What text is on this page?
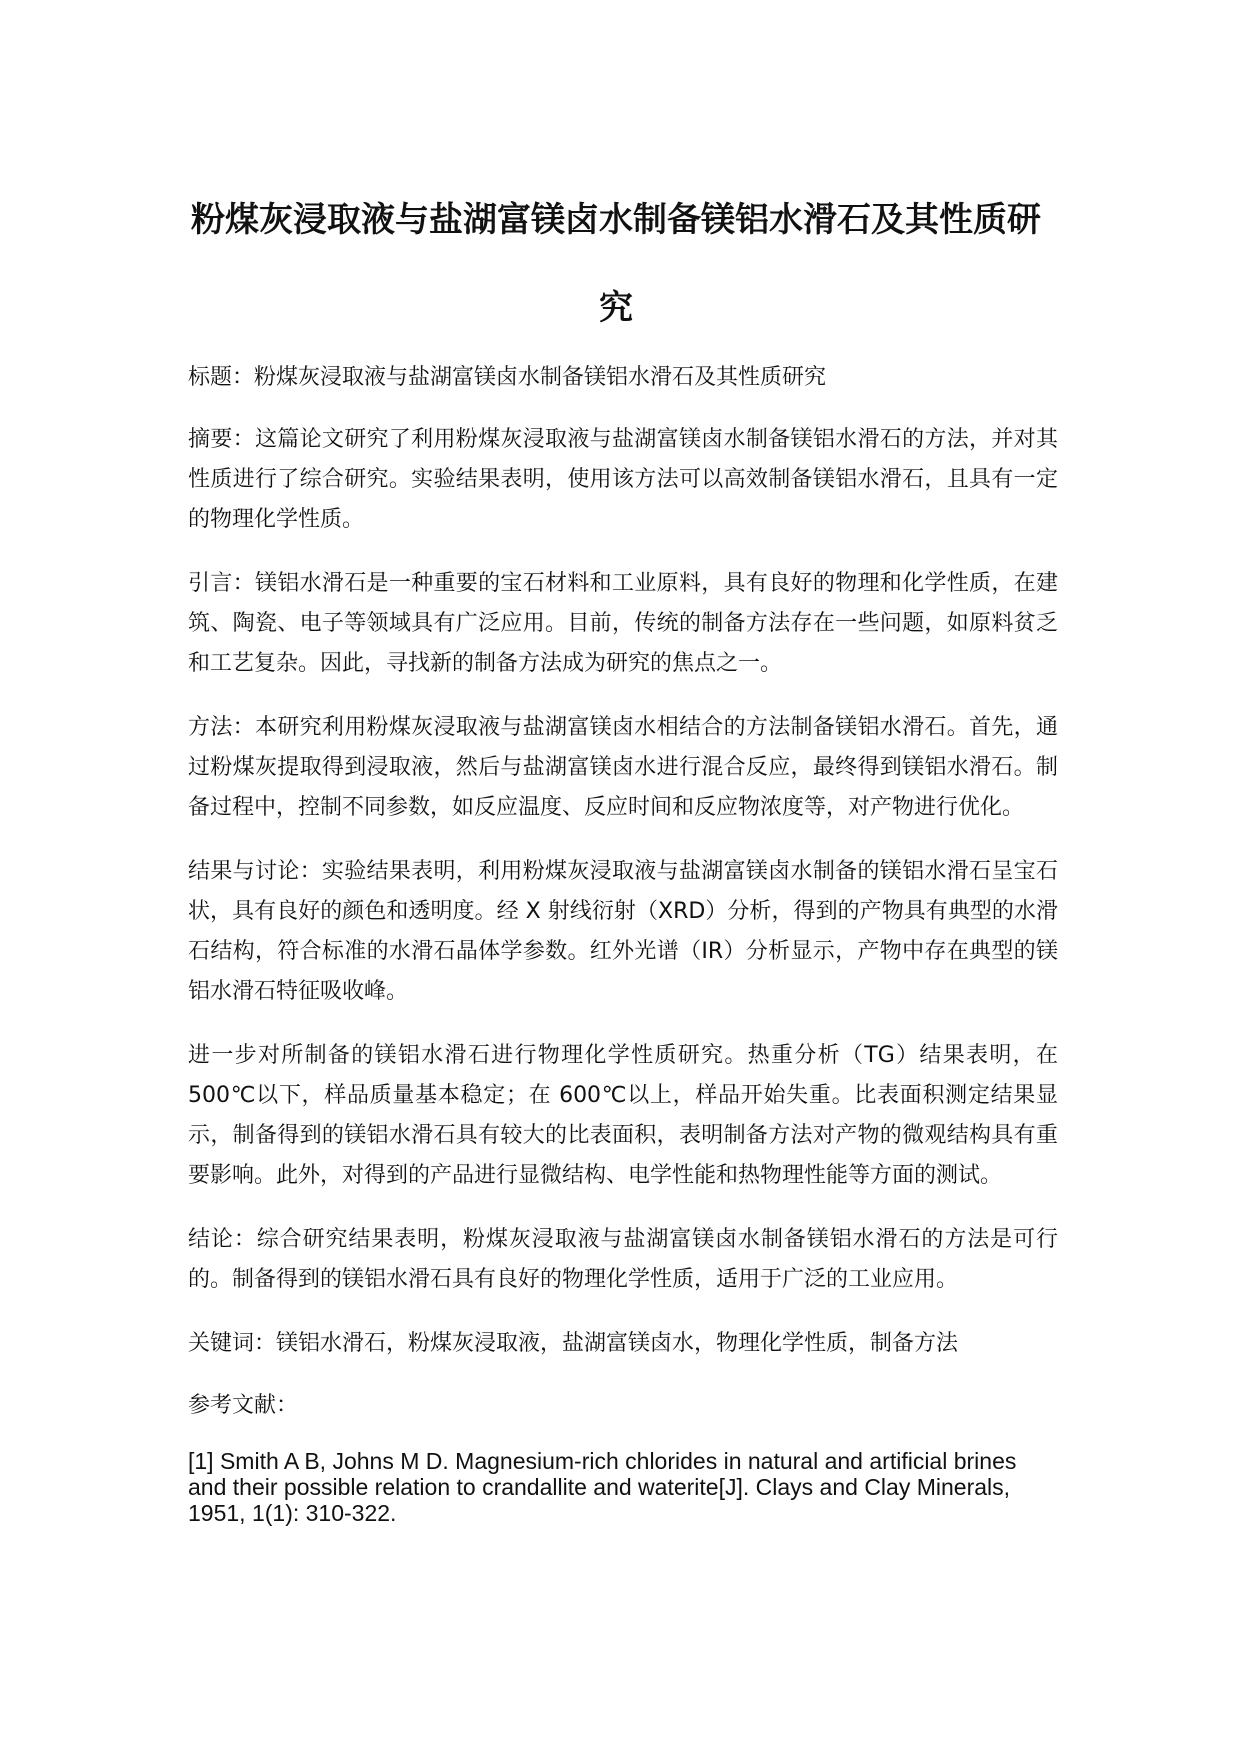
粉煤灰浸取液与盐湖富镁卤水制备镁铝水滑石及其性质研究

标题：粉煤灰浸取液与盐湖富镁卤水制备镁铝水滑石及其性质研究

摘要：这篇论文研究了利用粉煤灰浸取液与盐湖富镁卤水制备镁铝水滑石的方法，并对其性质进行了综合研究。实验结果表明，使用该方法可以高效制备镁铝水滑石，且具有一定的物理化学性质。

引言：镁铝水滑石是一种重要的宝石材料和工业原料，具有良好的物理和化学性质，在建筑、陶瓷、电子等领域具有广泛应用。目前，传统的制备方法存在一些问题，如原料贫乏和工艺复杂。因此，寻找新的制备方法成为研究的焦点之一。

方法：本研究利用粉煤灰浸取液与盐湖富镁卤水相结合的方法制备镁铝水滑石。首先，通过粉煤灰提取得到浸取液，然后与盐湖富镁卤水进行混合反应，最终得到镁铝水滑石。制备过程中，控制不同参数，如反应温度、反应时间和反应物浓度等，对产物进行优化。

结果与讨论：实验结果表明，利用粉煤灰浸取液与盐湖富镁卤水制备的镁铝水滑石呈宝石状，具有良好的颜色和透明度。经 X 射线衍射（XRD）分析，得到的产物具有典型的水滑石结构，符合标准的水滑石晶体学参数。红外光谱（IR）分析显示，产物中存在典型的镁铝水滑石特征吸收峰。

进一步对所制备的镁铝水滑石进行物理化学性质研究。热重分析（TG）结果表明，在 500℃以下，样品质量基本稳定；在 600℃以上，样品开始失重。比表面积测定结果显示，制备得到的镁铝水滑石具有较大的比表面积，表明制备方法对产物的微观结构具有重要影响。此外，对得到的产品进行显微结构、电学性能和热物理性能等方面的测试。

结论：综合研究结果表明，粉煤灰浸取液与盐湖富镁卤水制备镁铝水滑石的方法是可行的。制备得到的镁铝水滑石具有良好的物理化学性质，适用于广泛的工业应用。

关键词：镁铝水滑石，粉煤灰浸取液，盐湖富镁卤水，物理化学性质，制备方法

参考文献：

[1] Smith A B, Johns M D. Magnesium-rich chlorides in natural and artificial brines and their possible relation to crandallite and waterite[J]. Clays and Clay Minerals, 1951, 1(1): 310-322.
